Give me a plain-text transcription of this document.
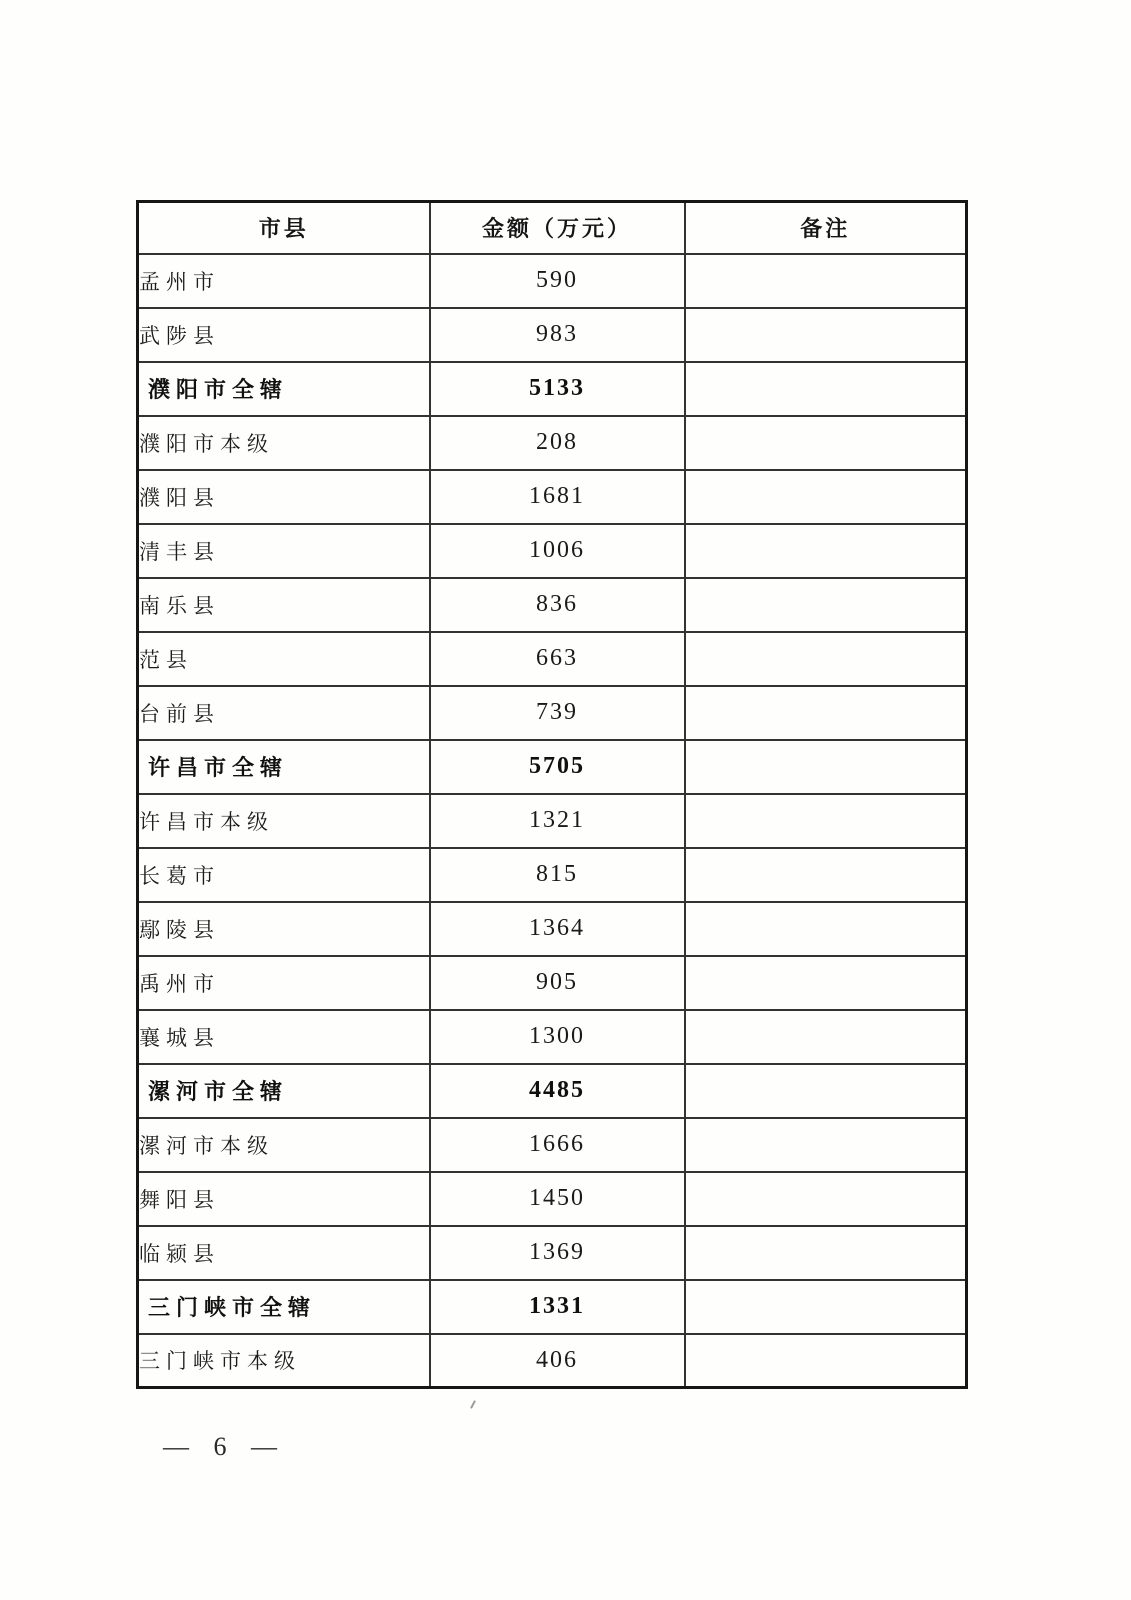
市县	金额（万元）	备注
孟州市	590	
武陟县	983	
濮阳市全辖	5133	
濮阳市本级	208	
濮阳县	1681	
清丰县	1006	
南乐县	836	
范县	663	
台前县	739	
许昌市全辖	5705	
许昌市本级	1321	
长葛市	815	
鄢陵县	1364	
禹州市	905	
襄城县	1300	
漯河市全辖	4485	
漯河市本级	1666	
舞阳县	1450	
临颍县	1369	
三门峡市全辖	1331	
三门峡市本级	406	
— 6 —
